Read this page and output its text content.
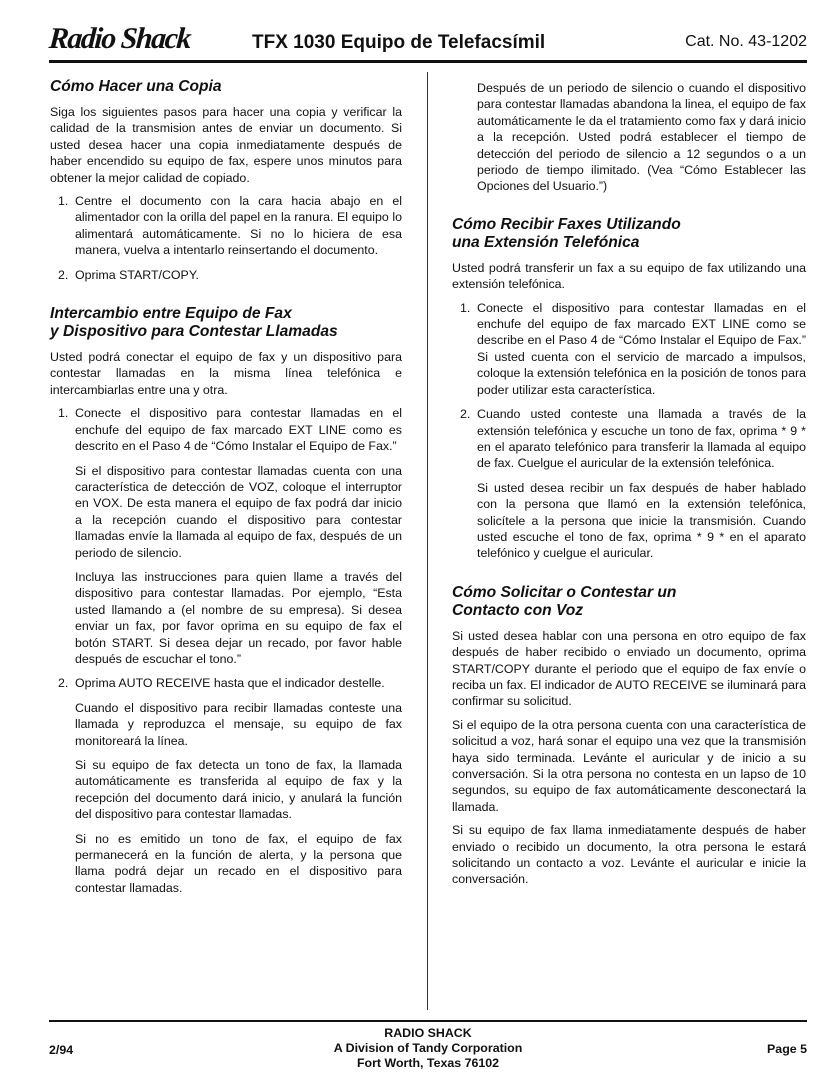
Radio Shack	TFX 1030 Equipo de Telefacsímil	Cat. No. 43-1202
Cómo Hacer una Copia

Siga los siguientes pasos para hacer una copia y verificar la calidad de la transmision antes de enviar un documento. Si usted desea hacer una copia inmediatamente después de haber encendido su equipo de fax, espere unos minutos para obtener la mejor calidad de copiado.

1. Centre el documento con la cara hacia abajo en el alimentador con la orilla del papel en la ranura. El equipo lo alimentará automáticamente. Si no lo hiciera de esa manera, vuelva a intentarlo reinsertando el documento.

2. Oprima START/COPY.

Intercambio entre Equipo de Fax
y Dispositivo para Contestar Llamadas

Usted podrá conectar el equipo de fax y un dispositivo para contestar llamadas en la misma línea telefónica e intercambiarlas entre una y otra.

1. Conecte el dispositivo para contestar llamadas en el enchufe del equipo de fax marcado EXT LINE como es descrito en el Paso 4 de “Cómo Instalar el Equipo de Fax.”

Si el dispositivo para contestar llamadas cuenta con una característica de detección de VOZ, coloque el interruptor en VOX. De esta manera el equipo de fax podrá dar inicio a la recepción cuando el dispositivo para contestar llamadas envíe la llamada al equipo de fax, después de un periodo de silencio.

Incluya las instrucciones para quien llame a través del dispositivo para contestar llamadas. Por ejemplo, “Esta usted llamando a (el nombre de su empresa). Si desea enviar un fax, por favor oprima en su equipo de fax el botón START. Si desea dejar un recado, por favor hable después de escuchar el tono.”

2. Oprima AUTO RECEIVE hasta que el indicador destelle.

Cuando el dispositivo para recibir llamadas conteste una llamada y reproduzca el mensaje, su equipo de fax monitoreará la línea.

Si su equipo de fax detecta un tono de fax, la llamada automáticamente es transferida al equipo de fax y la recepción del documento dará inicio, y anulará la función del dispositivo para contestar llamadas.

Si no es emitido un tono de fax, el equipo de fax permanecerá en la función de alerta, y la persona que llama podrá dejar un recado en el dispositivo para contestar llamadas.

Después de un periodo de silencio o cuando el dispositivo para contestar llamadas abandona la linea, el equipo de fax automáticamente le da el tratamiento como fax y dará inicio a la recepción. Usted podrá establecer el tiempo de detección del periodo de silencio a 12 segundos o a un periodo de tiempo ilimitado. (Vea “Cómo Establecer las Opciones del Usuario.”)

Cómo Recibir Faxes Utilizando
una Extensión Telefónica

Usted podrá transferir un fax a su equipo de fax utilizando una extensión telefónica.

1. Conecte el dispositivo para contestar llamadas en el enchufe del equipo de fax marcado EXT LINE como se describe en el Paso 4 de “Cómo Instalar el Equipo de Fax.” Si usted cuenta con el servicio de marcado a impulsos, coloque la extensión telefónica en la posición de tonos para poder utilizar esta característica.

2. Cuando usted conteste una llamada a través de la extensión telefónica y escuche un tono de fax, oprima * 9 * en el aparato telefónico para transferir la llamada al equipo de fax. Cuelgue el auricular de la extensión telefónica.

Si usted desea recibir un fax después de haber hablado con la persona que llamó en la extensión telefónica, solicítele a la persona que inicie la transmisión. Cuando usted escuche el tono de fax, oprima * 9 * en el aparato telefónico y cuelgue el auricular.

Cómo Solicitar o Contestar un
Contacto con Voz

Si usted desea hablar con una persona en otro equipo de fax después de haber recibido o enviado un documento, oprima START/COPY durante el periodo que el equipo de fax envíe o reciba un fax. El indicador de AUTO RECEIVE se iluminará para confirmar su solicitud.

Si el equipo de la otra persona cuenta con una característica de solicitud a voz, hará sonar el equipo una vez que la transmisión haya sido terminada. Levánte el auricular y de inicio a su conversación. Si la otra persona no contesta en un lapso de 10 segundos, su equipo de fax automáticamente desconectará la llamada.

Si su equipo de fax llama inmediatamente después de haber enviado o recibido un documento, la otra persona le estará solicitando un contacto a voz. Levánte el auricular e inicie la conversación.

RADIO SHACK
A Division of Tandy Corporation
Fort Worth, Texas 76102
2/94	Page 5
